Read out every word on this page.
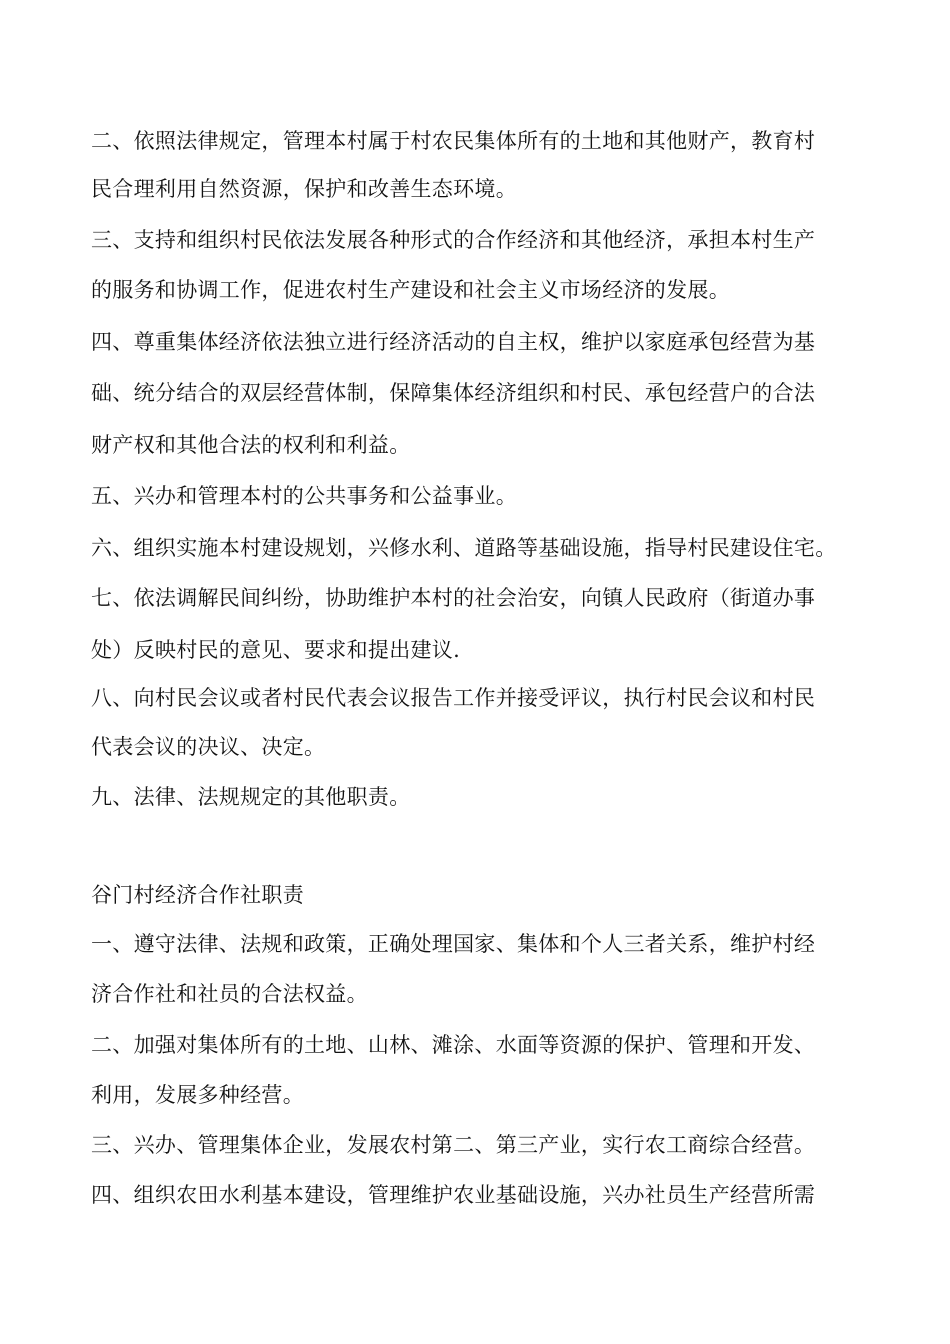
二、依照法律规定，管理本村属于村农民集体所有的土地和其他财产，教育村
民合理利用自然资源，保护和改善生态环境。
三、支持和组织村民依法发展各种形式的合作经济和其他经济，承担本村生产
的服务和协调工作，促进农村生产建设和社会主义市场经济的发展。
四、尊重集体经济依法独立进行经济活动的自主权，维护以家庭承包经营为基
础、统分结合的双层经营体制，保障集体经济组织和村民、承包经营户的合法
财产权和其他合法的权利和利益。
五、兴办和管理本村的公共事务和公益事业。
六、组织实施本村建设规划，兴修水利、道路等基础设施，指导村民建设住宅。
七、依法调解民间纠纷，协助维护本村的社会治安，向镇人民政府（街道办事
处）反映村民的意见、要求和提出建议.
八、向村民会议或者村民代表会议报告工作并接受评议，执行村民会议和村民
代表会议的决议、决定。
九、法律、法规规定的其他职责。
谷门村经济合作社职责
一、遵守法律、法规和政策，正确处理国家、集体和个人三者关系，维护村经
济合作社和社员的合法权益。
二、加强对集体所有的土地、山林、滩涂、水面等资源的保护、管理和开发、
利用，发展多种经营。
三、兴办、管理集体企业，发展农村第二、第三产业，实行农工商综合经营。
四、组织农田水利基本建设，管理维护农业基础设施，兴办社员生产经营所需
